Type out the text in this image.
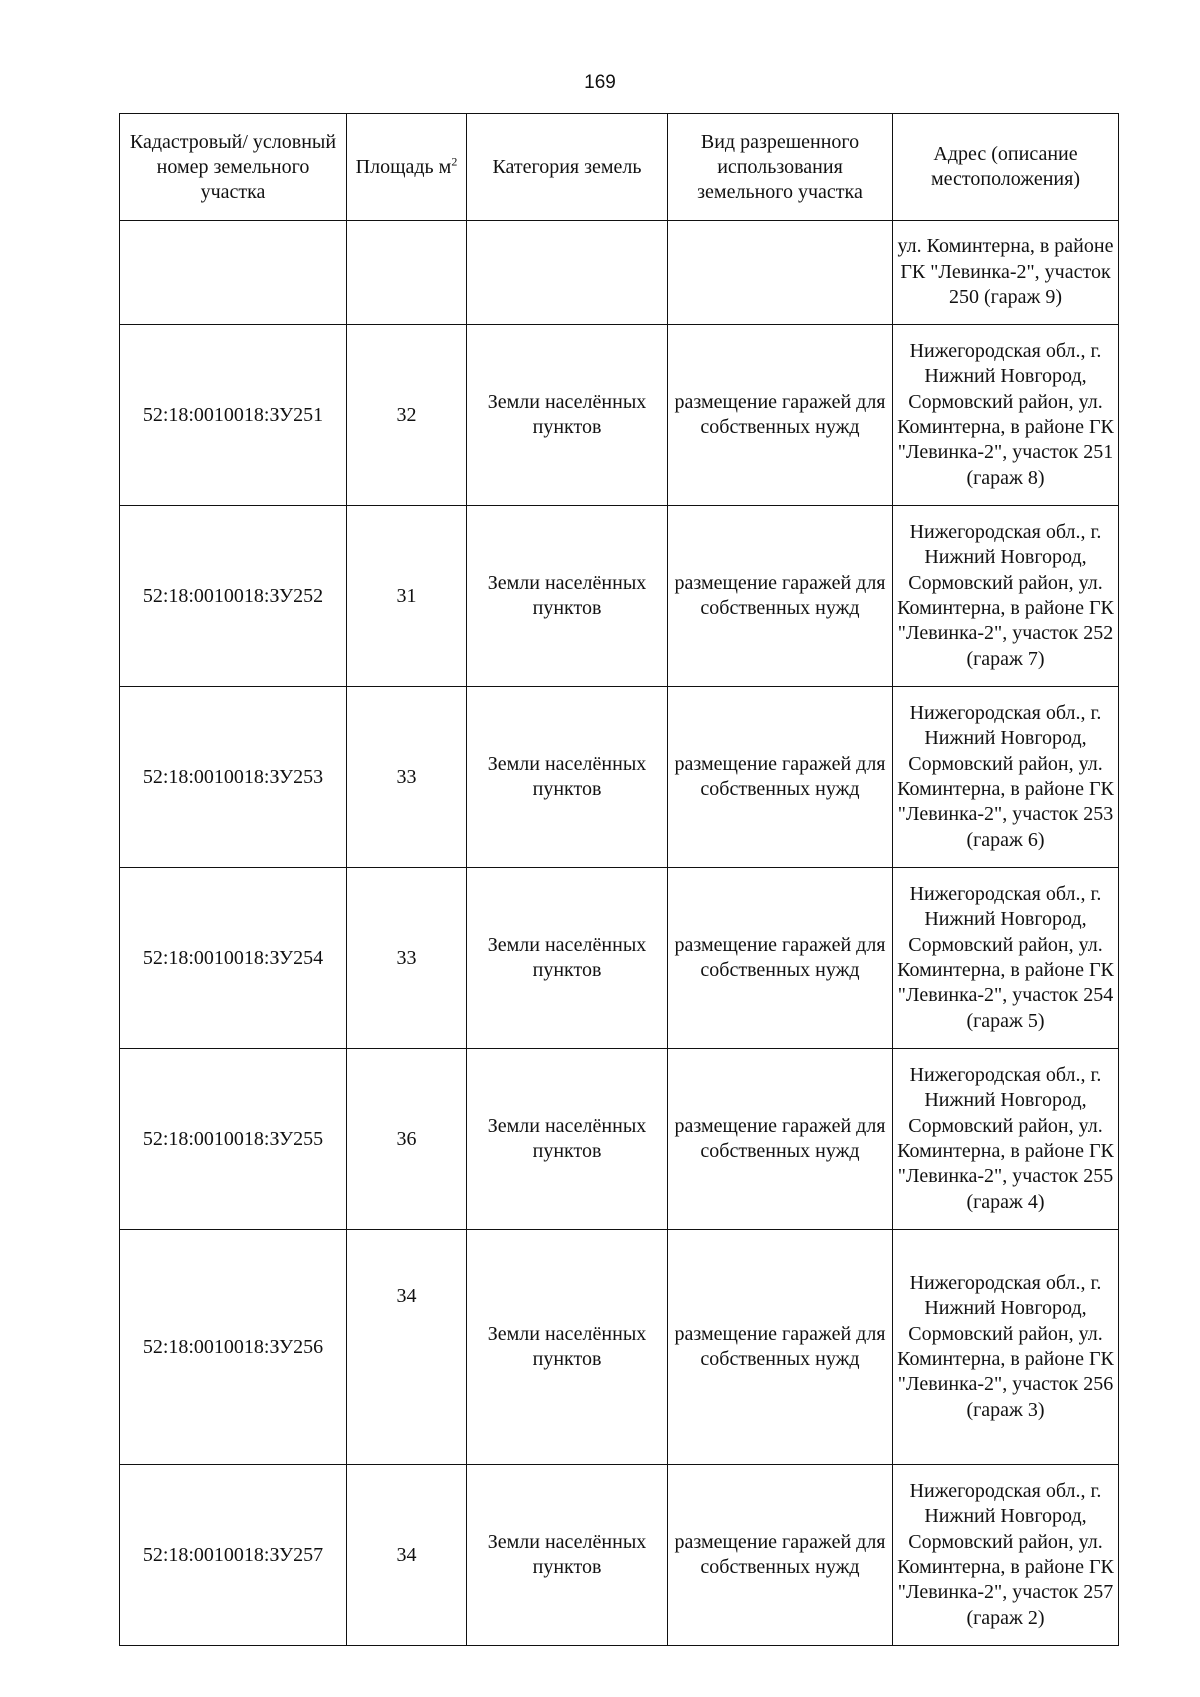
169
Кадастровый/ условный номер земельного участка	Площадь $м^2$	Категория земель	Вид разрешенного использования земельного участка	Адрес (описание местоположения)
				ул. Коминтерна, в районе ГК "Левинка-2", участок 250 (гараж 9)
52:18:0010018:ЗУ251	32	Земли населённых пунктов	размещение гаражей для собственных нужд	Нижегородская обл., г. Нижний Новгород, Сормовский район, ул. Коминтерна, в районе ГК "Левинка-2", участок 251 (гараж 8)
52:18:0010018:ЗУ252	31	Земли населённых пунктов	размещение гаражей для собственных нужд	Нижегородская обл., г. Нижний Новгород, Сормовский район, ул. Коминтерна, в районе ГК "Левинка-2", участок 252 (гараж 7)
52:18:0010018:ЗУ253	33	Земли населённых пунктов	размещение гаражей для собственных нужд	Нижегородская обл., г. Нижний Новгород, Сормовский район, ул. Коминтерна, в районе ГК "Левинка-2", участок 253 (гараж 6)
52:18:0010018:ЗУ254	33	Земли населённых пунктов	размещение гаражей для собственных нужд	Нижегородская обл., г. Нижний Новгород, Сормовский район, ул. Коминтерна, в районе ГК "Левинка-2", участок 254 (гараж 5)
52:18:0010018:ЗУ255	36	Земли населённых пунктов	размещение гаражей для собственных нужд	Нижегородская обл., г. Нижний Новгород, Сормовский район, ул. Коминтерна, в районе ГК "Левинка-2", участок 255 (гараж 4)
52:18:0010018:ЗУ256	34	Земли населённых пунктов	размещение гаражей для собственных нужд	Нижегородская обл., г. Нижний Новгород, Сормовский район, ул. Коминтерна, в районе ГК "Левинка-2", участок 256 (гараж 3)
52:18:0010018:ЗУ257	34	Земли населённых пунктов	размещение гаражей для собственных нужд	Нижегородская обл., г. Нижний Новгород, Сормовский район, ул. Коминтерна, в районе ГК "Левинка-2", участок 257 (гараж 2)
